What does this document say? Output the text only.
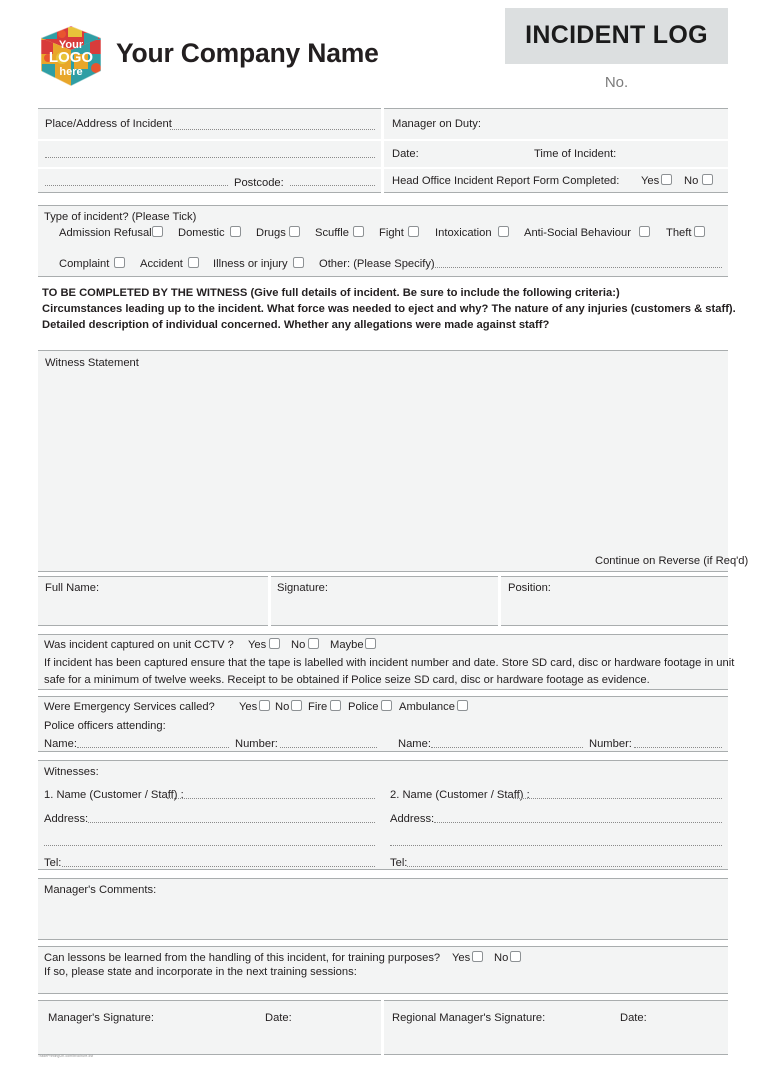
Your
LOGO
here
Your Company Name
INCIDENT LOG
No.
Place/Address of Incident
Postcode:
Manager on Duty:
Date:	Time of Incident:
Head Office Incident Report Form Completed: Yes No
Type of incident? (Please Tick)
Admission Refusal Domestic	Drugs	Scuffle	Fight	Intoxication	Anti-Social Behaviour	Theft
Complaint	Accident	Illness or injury	Other: (Please Specify)
TO BE COMPLETED BY THE WITNESS (Give full details of incident. Be sure to include the following criteria:)
Circumstances leading up to the incident. What force was needed to eject and why? The nature of any injuries (customers & staff).
Detailed description of individual concerned. Whether any allegations were made against staff?
Witness Statement
Continue on Reverse (if Req'd)
Full Name:	Signature:	Position:
Was incident captured on unit CCTV ? Yes No Maybe
If incident has been captured ensure that the tape is labelled with incident number and date. Store SD card, disc or hardware footage in unit
safe for a minimum of twelve weeks. Receipt to be obtained if Police seize SD card, disc or hardware footage as evidence.
Were Emergency Services called? Yes No Fire Police Ambulance
Police officers attending:
Name:	Number:	Name:	Number:
Witnesses:
1. Name (Customer / Staff) :	2. Name (Customer / Staff) :
Address:	Address:
Tel:	Tel:
Manager's Comments:
Can lessons be learned from the handling of this incident, for training purposes? Yes No
If so, please state and incorporate in the next training sessions:
Manager's Signature:	Date:	Regional Manager's Signature:	Date:
TradePrintingUK.com/brochure-list
